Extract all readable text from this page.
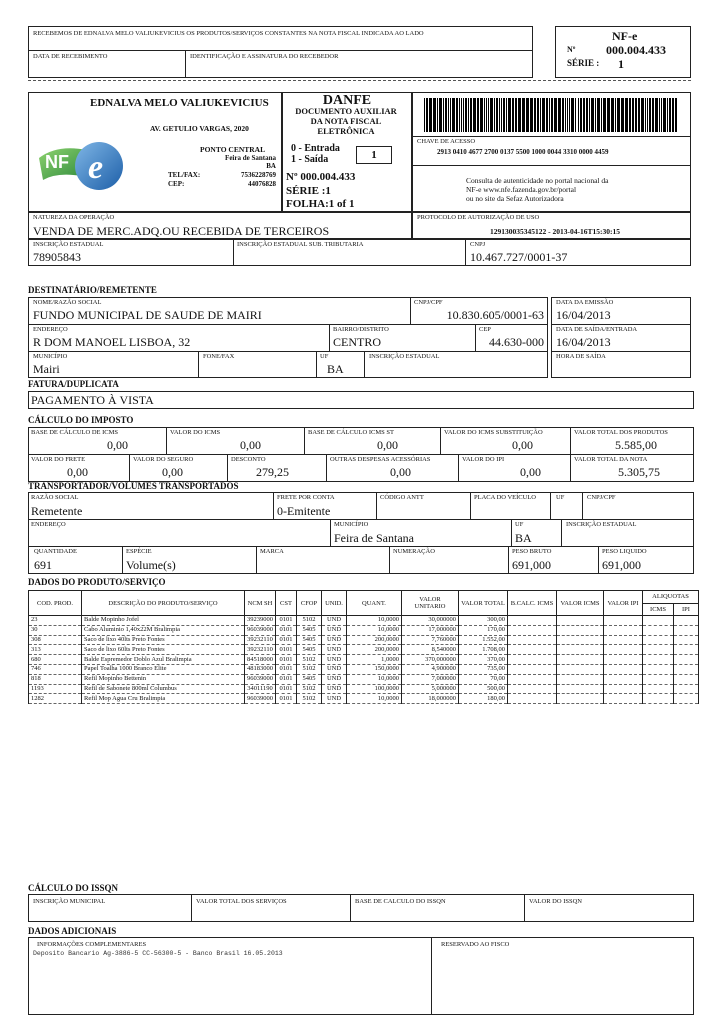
RECEBEMOS DE EDNALVA MELO VALIUKEVICIUS OS PRODUTOS/SERVIÇOS CONSTANTES NA NOTA FISCAL INDICADA AO LADO
DATA DE RECEBIMENTO	IDENTIFICAÇÃO E ASSINATURA DO RECEBEDOR
NF-e
Nº	000.004.433
SÉRIE : 1
EDNALVA MELO VALIUKEVICIUS
AV. GETULIO VARGAS, 2020
PONTO CENTRAL
Feira de Santana
BA
TEL/FAX:	7536228769
CEP:	44076828
NF e
DANFE
DOCUMENTO AUXILIAR DA NOTA FISCAL ELETRÔNICA
0 - Entrada
1 - Saída	1
Nº 000.004.433
SÉRIE :1
FOLHA:1 of 1
CHAVE DE ACESSO
2913 0410 4677 2700 0137 5500 1000 0044 3310 0000 4459
Consulta de autenticidade no portal nacional da
NF-e www.nfe.fazenda.gov.br/portal
ou no site da Sefaz Autorizadora
NATUREZA DA OPERAÇÃO
VENDA DE MERC.ADQ.OU RECEBIDA DE TERCEIROS
PROTOCOLO DE AUTORIZAÇÃO DE USO
129130035345122 - 2013-04-16T15:30:15
INSCRIÇÃO ESTADUAL
78905843
INSCRIÇÃO ESTADUAL SUB. TRIBUTARIA	CNPJ
10.467.727/0001-37
DESTINATÁRIO/REMETENTE
NOME/RAZÃO SOCIAL
FUNDO MUNICIPAL DE SAUDE DE MAIRI
CNPJ/CPF
10.830.605/0001-63
ENDEREÇO
R DOM MANOEL LISBOA, 32
BAIRRO/DISTRITO
CENTRO
CEP
44.630-000
MUNICÍPIO
Mairi
FONE/FAX	UF
BA
INSCRIÇÃO ESTADUAL
DATA DA EMISSÃO
16/04/2013
DATA DE SAÍDA/ENTRADA
16/04/2013
HORA DE SAÍDA
FATURA/DUPLICATA
PAGAMENTO À VISTA
CÁLCULO DO IMPOSTO
BASE DE CÁLCULO DE ICMS
0,00
VALOR DO ICMS
0,00
BASE DE CÁLCULO ICMS ST
0,00
VALOR DO ICMS SUBSTITUIÇÃO
0,00
VALOR TOTAL DOS PRODUTOS
5.585,00
VALOR DO FRETE
0,00
VALOR DO SEGURO
0,00
DESCONTO
279,25
OUTRAS DESPESAS ACESSÓRIAS
0,00
VALOR DO IPI
0,00
VALOR TOTAL DA NOTA
5.305,75
TRANSPORTADOR/VOLUMES TRANSPORTADOS
RAZÃO SOCIAL
Remetente
FRETE POR CONTA
0-Emitente
CÓDIGO ANTT	PLACA DO VEÍCULO	UF	CNPJ/CPF
ENDEREÇO	MUNICÍPIO
Feira de Santana
UF
BA
INSCRIÇÃO ESTADUAL
QUANTIDADE
691
ESPÉCIE
Volume(s)
MARCA	NUMERAÇÃO	PESO BRUTO
691,000
PESO LIQUIDO
691,000
DADOS DO PRODUTO/SERVIÇO
COD. PROD.	DESCRIÇÃO DO PRODUTO/SERVIÇO	NCM SH	CST	CFOP	UNID.	QUANT.	VALOR UNITARIO	VALOR TOTAL	B.CALC. ICMS	VALOR ICMS	VALOR IPI	ALIQUOTAS	
												ICMS	IPI
23	Balde Mopinho Jofel	39239000	0101	5102	UND	10,0000	30,000000	300,00					
30	Cabo Aluminio 1,40x22M Bralimpia	96039000	0101	5405	UND	10,0000	17,000000	170,00					
308	Saco de lixo 40lts Preto Fontes	39232110	0101	5405	UND	200,0000	7,760000	1.552,00					
313	Saco de lixo 60lts Preto Fontes	39232110	0101	5405	UND	200,0000	8,540000	1.708,00					
680	Balde Espremedor Doblo Azul Bralimpia	84518000	0101	5102	UND	1,0000	370,000000	370,00					
746	Papel Toalha 1000 Branco Elite	48183000	0101	5102	UND	150,0000	4,900000	735,00					
818	Refil Mopinho Bettenin	96039000	0101	5405	UND	10,0000	7,000000	70,00					
1193	Refil de Sabonete 800ml Columbus	34011190	0101	5102	UND	100,0000	5,000000	500,00					
1282	Refil Mop Agua Cru Bralimpia	96039000	0101	5102	UND	10,0000	18,000000	180,00					
CÁLCULO DO ISSQN
INSCRIÇÃO MUNICIPAL	VALOR TOTAL DOS SERVIÇOS	BASE DE CALCULO DO ISSQN	VALOR DO ISSQN
DADOS ADICIONAIS
INFORMAÇÕES COMPLEMENTARES
Deposito Bancario Ag-3886-5 CC-56300-5 - Banco Brasil 16.05.2013
RESERVADO AO FISCO
